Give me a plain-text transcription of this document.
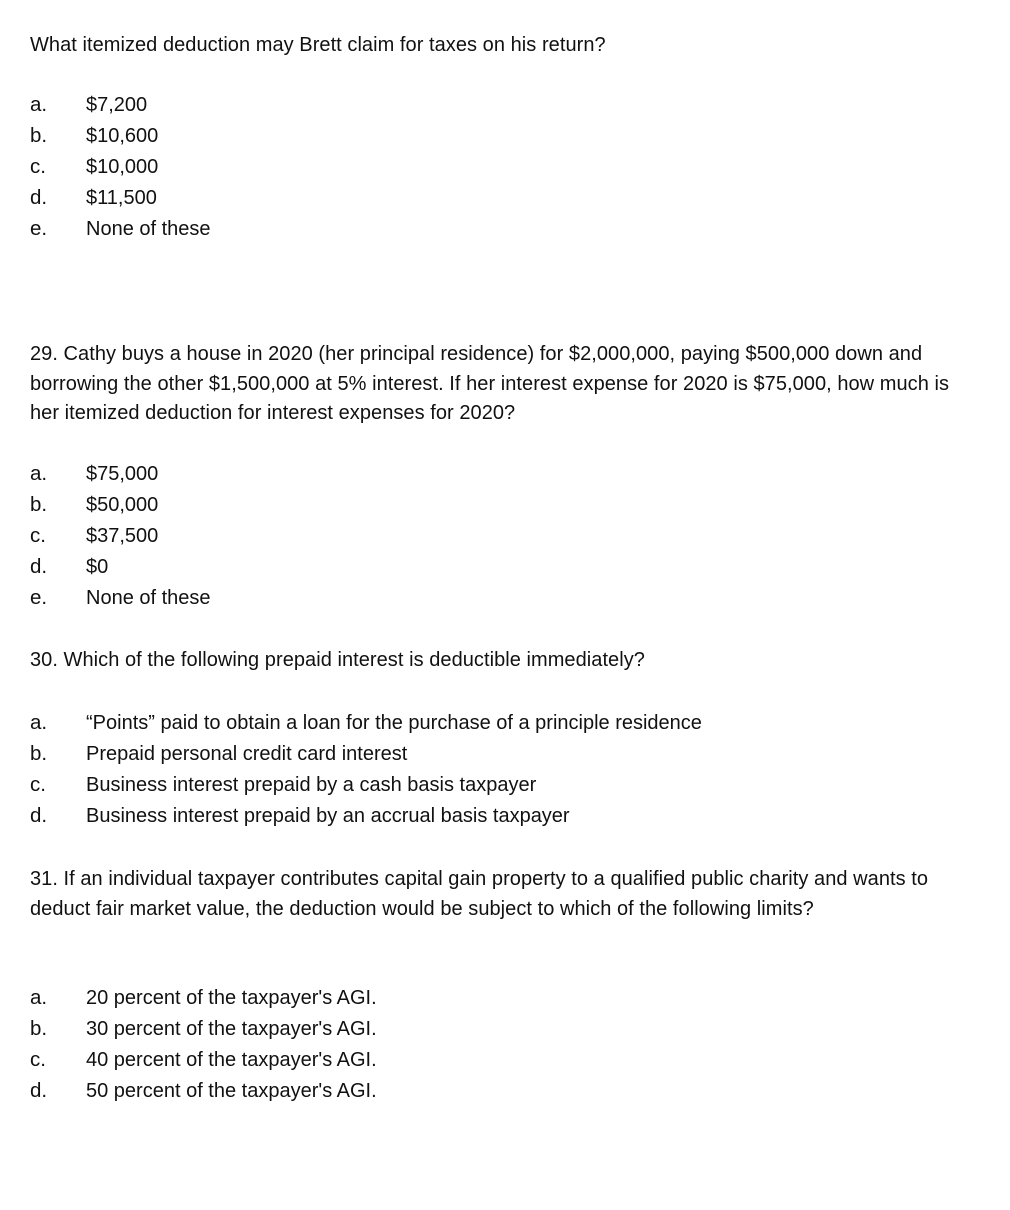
What itemized deduction may Brett claim for taxes on his return?

a.	$7,200
b.	$10,600
c.	$10,000
d.	$11,500
e.	None of these

29. Cathy buys a house in 2020 (her principal residence) for $2,000,000, paying $500,000 down and borrowing the other $1,500,000 at 5% interest. If her interest expense for 2020 is $75,000, how much is her itemized deduction for interest expenses for 2020?

a.	$75,000
b.	$50,000
c.	$37,500
d.	$0
e.	None of these

30. Which of the following prepaid interest is deductible immediately?

a.	“Points” paid to obtain a loan for the purchase of a principle residence
b.	Prepaid personal credit card interest
c.	Business interest prepaid by a cash basis taxpayer
d.	Business interest prepaid by an accrual basis taxpayer

31. If an individual taxpayer contributes capital gain property to a qualified public charity and wants to deduct fair market value, the deduction would be subject to which of the following limits?

a.	20 percent of the taxpayer's AGI.
b.	30 percent of the taxpayer's AGI.
c.	40 percent of the taxpayer's AGI.
d.	50 percent of the taxpayer's AGI.
